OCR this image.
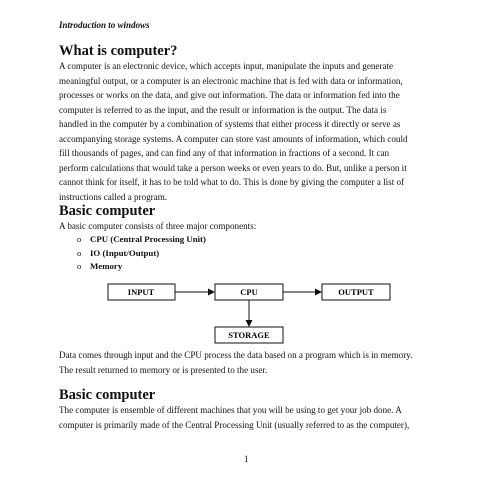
Introduction to windows
What is computer?
A computer is an electronic device, which accepts input, manipulate the inputs and generate
meaningful output, or a computer is an electronic machine that is fed with data or information,
processes or works on the data, and give out information. The data or information fed into the
computer is referred to as the input, and the result or information is the output. The data is
handled in the computer by a combination of systems that either process it directly or serve as
accompanying storage systems. A computer can store vast amounts of information, which could
fill thousands of pages, and can find any of that information in fractions of a second. It can
perform calculations that would take a person weeks or even years to do. But, unlike a person it
cannot think for itself, it has to be told what to do. This is done by giving the computer a list of
instructions called a program.
Basic computer
A basic computer consists of three major components:
o CPU (Central Processing Unit)
o IO (Input/Output)
o Memory
INPUT	CPU	OUTPUT
STORAGE
Data comes through input and the CPU process the data based on a program which is in memory.
The result returned to memory or is presented to the user.
Basic computer
The computer is ensemble of different machines that you will be using to get your job done. A
computer is primarily made of the Central Processing Unit (usually referred to as the computer),
1
